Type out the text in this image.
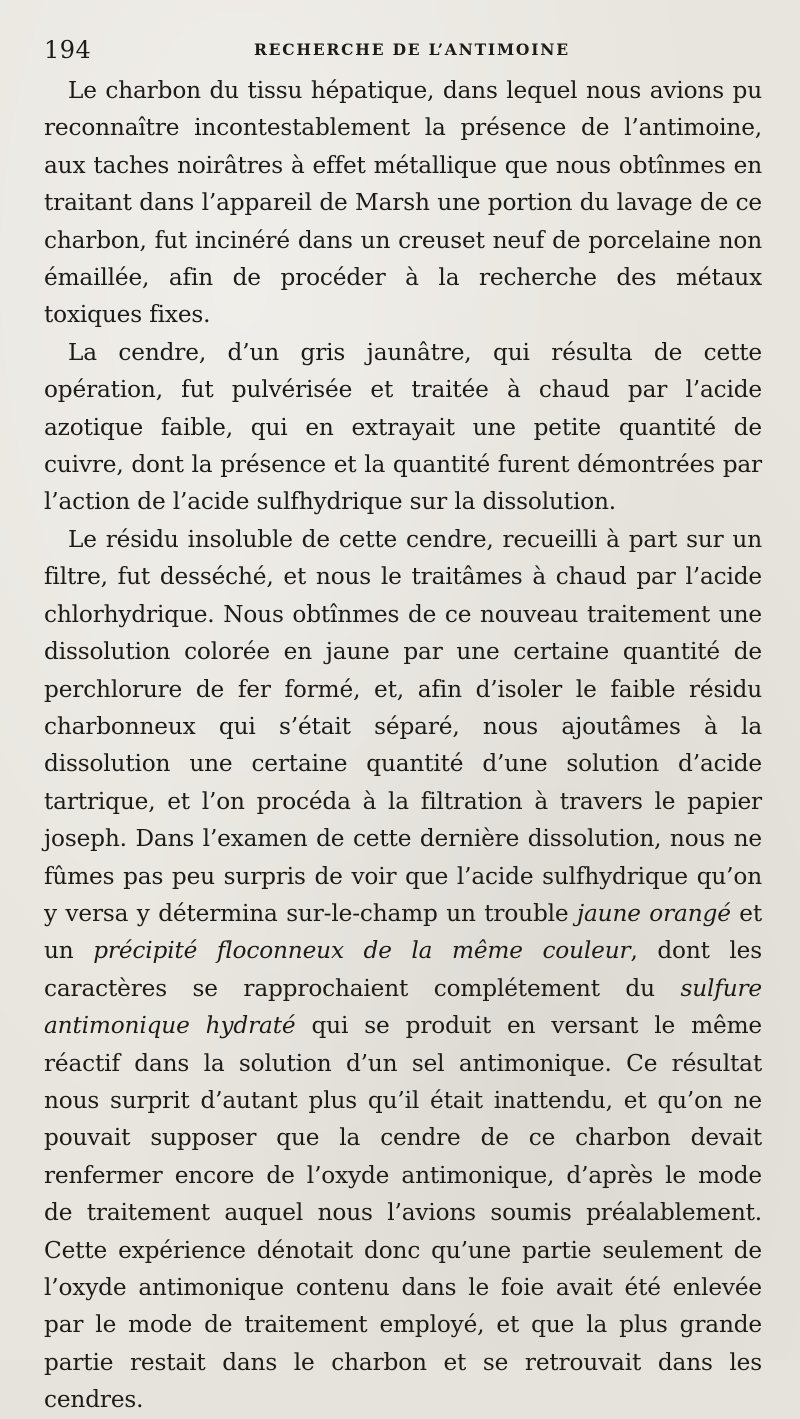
194	RECHERCHE DE L’ANTIMOINE

Le charbon du tissu hépatique, dans lequel nous avions pu reconnaître incontestablement la présence de l’antimoine, aux taches noirâtres à effet métallique que nous obtînmes en traitant dans l’appareil de Marsh une portion du lavage de ce charbon, fut incinéré dans un creuset neuf de porcelaine non émaillée, afin de procéder à la recherche des métaux toxiques fixes.

La cendre, d’un gris jaunâtre, qui résulta de cette opération, fut pulvérisée et traitée à chaud par l’acide azotique faible, qui en extrayait une petite quantité de cuivre, dont la présence et la quantité furent démontrées par l’action de l’acide sulfhydrique sur la dissolution.

Le résidu insoluble de cette cendre, recueilli à part sur un filtre, fut desséché, et nous le traitâmes à chaud par l’acide chlorhydrique. Nous obtînmes de ce nouveau traitement une dissolution colorée en jaune par une certaine quantité de perchlorure de fer formé, et, afin d’isoler le faible résidu charbonneux qui s’était séparé, nous ajoutâmes à la dissolution une certaine quantité d’une solution d’acide tartrique, et l’on procéda à la filtration à travers le papier joseph. Dans l’examen de cette dernière dissolution, nous ne fûmes pas peu surpris de voir que l’acide sulfhydrique qu’on y versa y détermina sur-le-champ un trouble jaune orangé et un précipité floconneux de la même couleur, dont les caractères se rapprochaient complétement du sulfure antimonique hydraté qui se produit en versant le même réactif dans la solution d’un sel antimonique. Ce résultat nous surprit d’autant plus qu’il était inattendu, et qu’on ne pouvait supposer que la cendre de ce charbon devait renfermer encore de l’oxyde antimonique, d’après le mode de traitement auquel nous l’avions soumis préalablement. Cette expérience dénotait donc qu’une partie seulement de l’oxyde antimonique contenu dans le foie avait été enlevée par le mode de traitement employé, et que la plus grande partie restait dans le charbon et se retrouvait dans les cendres.
